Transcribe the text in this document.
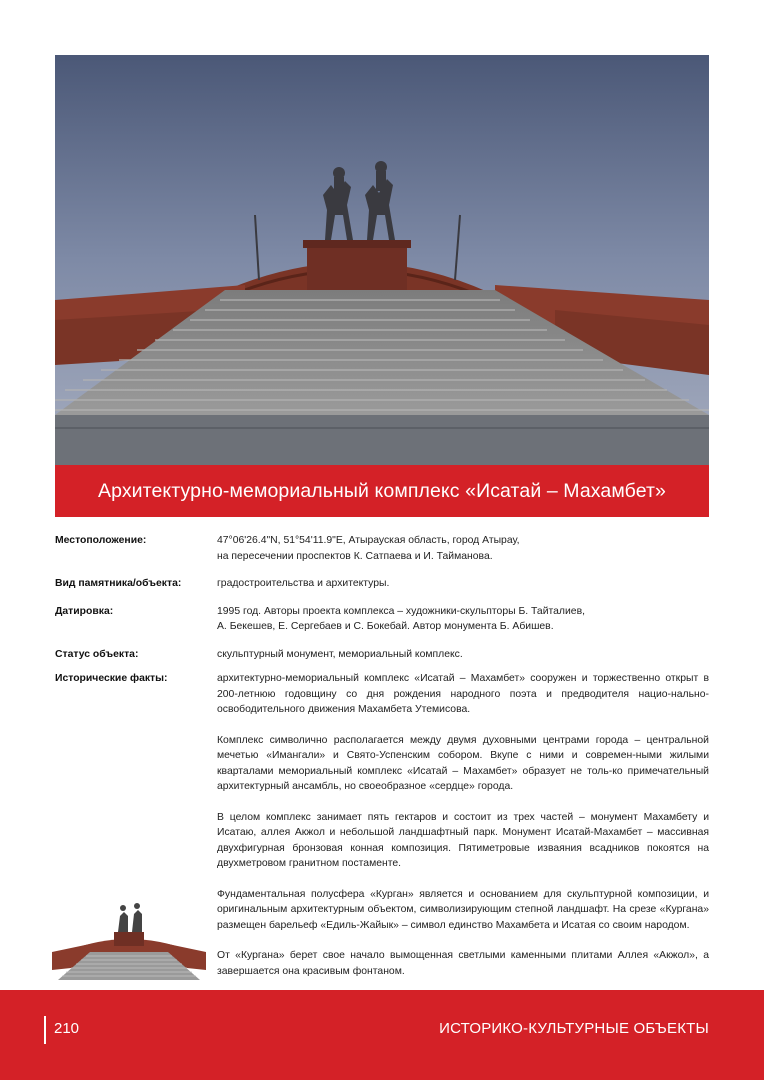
Архитектурно-мемориальный комплекс «Исатай – Махамбет»
Местоположение:	47°06'26.4"N, 51°54'11.9"E, Атырауская область, город Атырау,
на пересечении проспектов К. Сатпаева и И. Тайманова.
Вид памятника/объекта:	градостроительства и архитектуры.
Датировка:	1995 год. Авторы проекта комплекса – художники-скульпторы Б. Тайталиев,
А. Бекешев, Е. Сергебаев и С. Бокебай. Автор монумента Б. Абишев.
Статус объекта:	скульптурный монумент, мемориальный комплекс.
Исторические факты:	архитектурно-мемориальный комплекс «Исатай – Махамбет» сооружен и торжественно открыт в 200-летнюю годовщину со дня рождения народного поэта и предводителя нацио-нально-освободительного движения Махамбета Утемисова.

Комплекс символично располагается между двумя духовными центрами города – центральной мечетью «Имангали» и Свято-Успенским собором. Вкупе с ними и современ-ными жилыми кварталами мемориальный комплекс «Исатай – Махамбет» образует не толь-ко примечательный архитектурный ансамбль, но своеобразное «сердце» города.

В целом комплекс занимает пять гектаров и состоит из трех частей – монумент Махамбету и Исатаю, аллея Акжол и небольшой ландшафтный парк. Монумент Исатай-Махамбет – массивная двухфигурная бронзовая конная композиция. Пятиметровые изваяния всадников покоятся на двухметровом гранитном постаменте.

Фундаментальная полусфера «Курган» является и основанием для скульптурной композиции, и оригинальным архитектурным объектом, символизирующим степной ландшафт. На срезе «Кургана» размещен барельеф «Едиль-Жайык» – символ единство Махамбета и Исатая со своим народом.

От «Кургана» берет свое начало вымощенная светлыми каменными плитами Аллея «Акжол», а завершается она красивым фонтаном.

210	ИСТОРИКО-КУЛЬТУРНЫЕ ОБЪЕКТЫ
